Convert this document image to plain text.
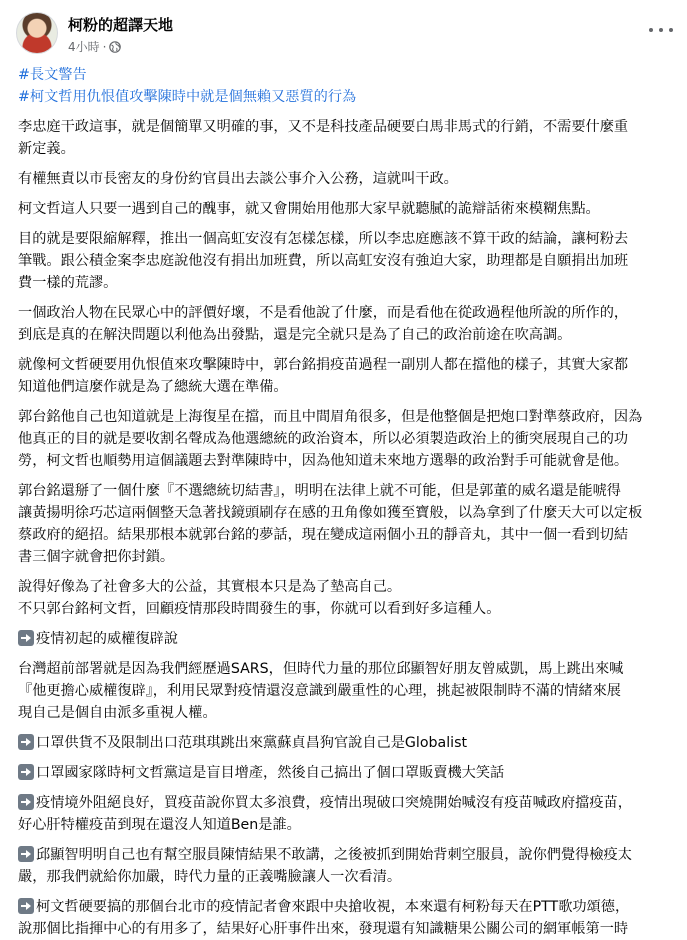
柯粉的超譯天地
4小時 ·
#長文警告
#柯文哲用仇恨值攻擊陳時中就是個無賴又惡質的行為
李忠庭干政這事，就是個簡單又明確的事，又不是科技產品硬要白馬非馬式的行銷，不需要什麼重
新定義。
有權無責以市長密友的身份約官員出去談公事介入公務，這就叫干政。
柯文哲這人只要一遇到自己的醜事，就又會開始用他那大家早就聽膩的詭辯話術來模糊焦點。
目的就是要限縮解釋，推出一個高虹安沒有怎樣怎樣，所以李忠庭應該不算干政的結論，讓柯粉去
筆戰。跟公積金案李忠庭說他沒有捐出加班費，所以高虹安沒有強迫大家，助理都是自願捐出加班
費一樣的荒謬。
一個政治人物在民眾心中的評價好壞，不是看他說了什麼，而是看他在從政過程他所說的所作的，
到底是真的在解決問題以利他為出發點，還是完全就只是為了自己的政治前途在吹高調。
就像柯文哲硬要用仇恨值來攻擊陳時中，郭台銘捐疫苗過程一副別人都在擋他的樣子，其實大家都
知道他們這麼作就是為了總統大選在準備。
郭台銘他自己也知道就是上海復星在擋，而且中間眉角很多，但是他整個是把炮口對準蔡政府，因為
他真正的目的就是要收割名聲成為他選總統的政治資本，所以必須製造政治上的衝突展現自己的功
勞，柯文哲也順勢用這個議題去對準陳時中，因為他知道未來地方選舉的政治對手可能就會是他。
郭台銘還掰了一個什麼『不選總統切結書』，明明在法律上就不可能，但是郭董的威名還是能唬得
讓黃揚明徐巧芯這兩個整天急著找鏡頭刷存在感的丑角像如獲至寶般，以為拿到了什麼天大可以定板
蔡政府的絕招。結果那根本就郭台銘的夢話，現在變成這兩個小丑的靜音丸，其中一個一看到切結
書三個字就會把你封鎖。
說得好像為了社會多大的公益，其實根本只是為了墊高自己。
不只郭台銘柯文哲，回顧疫情那段時間發生的事，你就可以看到好多這種人。
疫情初起的威權復辟說
台灣超前部署就是因為我們經歷過SARS，但時代力量的那位邱顯智好朋友曾威凱，馬上跳出來喊
『他更擔心威權復辟』，利用民眾對疫情還沒意識到嚴重性的心理，挑起被限制時不滿的情緒來展
現自己是個自由派多重視人權。
口罩供貨不及限制出口范琪琪跳出來黨蘇貞昌狗官說自己是Globalist
口罩國家隊時柯文哲黨這是盲目增產，然後自己搞出了個口罩販賣機大笑話
疫情境外阻絕良好，買疫苗說你買太多浪費，疫情出現破口突燒開始喊沒有疫苗喊政府擋疫苗，
好心肝特權疫苗到現在還沒人知道Ben是誰。
邱顯智明明自己也有幫空服員陳情結果不敢講，之後被抓到開始背刺空服員，說你們覺得檢疫太
嚴，那我們就給你加嚴，時代力量的正義嘴臉讓人一次看清。
柯文哲硬要搞的那個台北市的疫情記者會來跟中央搶收視，本來還有柯粉每天在PTT歌功頌德，
說那個比指揮中心的有用多了，結果好心肝事件出來，發現還有知識糖果公關公司的網軍帳第一時
